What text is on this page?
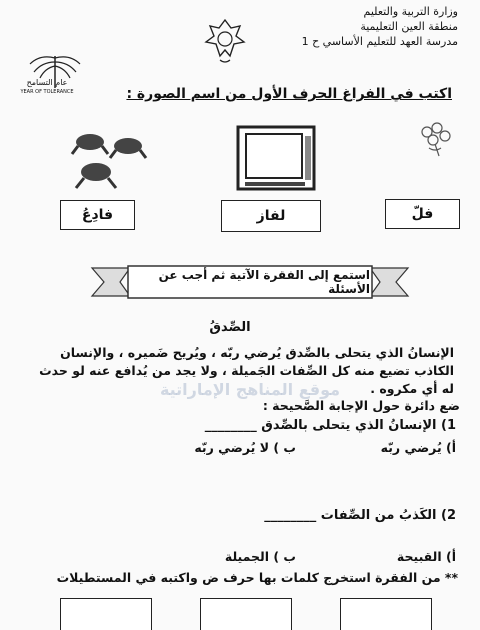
وزارة التربية والتعليم
منطقة العين التعليمية
مدرسة العهد للتعليم الأساسي ح 1
عام التسامح
YEAR OF TOLERANCE	اكتب في الفراغ الحرف الأول من اسم الصورة :
فادِعُ	لفاز	فلّ
استمع إلى الفقرة الآتية ثم أجب عن الأسئلة
الصِّدقُ
الإنسانُ الذي يتحلى بالصِّدق يُرضي ربّه ، ويُريح ضَميره ، والإنسان الكاذب تضيع منه كل الصِّفات الجَميلة ، ولا يجد من يُدافع عنه لو حدث له أي مكروه .
موقع المناهج الإماراتية
ضع دائرة حول الإجابة الصَّحيحة :
1) الإنسانُ الذي يتحلى بالصِّدق ________
أ) يُرضي ربّه
ب ) لا يُرضي ربّه
2) الكَذبُ من الصِّفات ________
أ) القبيحة
ب ) الجميلة
** من الفقرة استخرج كلمات بها حرف ض واكتبه في المستطيلات
